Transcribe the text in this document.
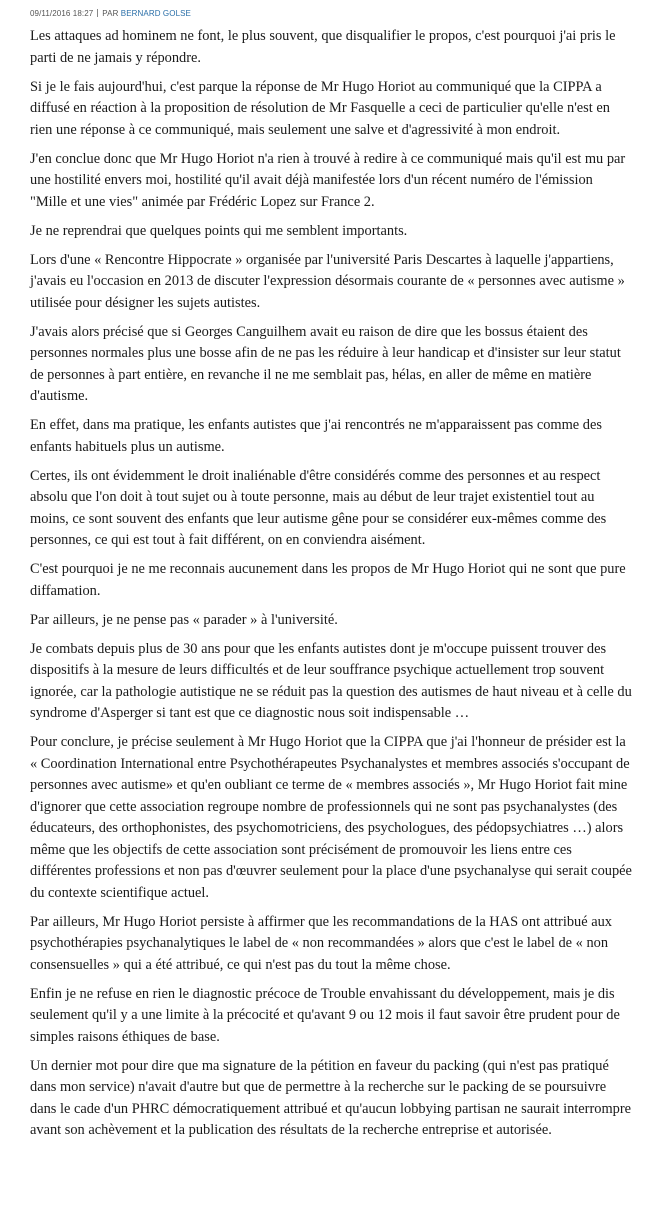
09/11/2016 18:27 PAR BERNARD GOLSE

Les attaques ad hominem ne font, le plus souvent, que disqualifier le propos, c'est pourquoi j'ai pris le parti de ne jamais y répondre.

Si je le fais aujourd'hui, c'est parque la réponse de Mr Hugo Horiot au communiqué que la CIPPA a diffusé en réaction à la proposition de résolution de Mr Fasquelle a ceci de particulier qu'elle n'est en rien une réponse à ce communiqué, mais seulement une salve et d'agressivité à mon endroit.

J'en conclue donc que Mr Hugo Horiot n'a rien à trouvé à redire à ce communiqué mais qu'il est mu par une hostilité envers moi, hostilité qu'il avait déjà manifestée lors d'un récent numéro de l'émission "Mille et une vies" animée par Frédéric Lopez sur France 2.

Je ne reprendrai que quelques points qui me semblent importants.

Lors d'une « Rencontre Hippocrate » organisée par l'université Paris Descartes à laquelle j'appartiens, j'avais eu l'occasion en 2013 de discuter l'expression désormais courante de « personnes avec autisme » utilisée pour désigner les sujets autistes.

J'avais alors précisé que si Georges Canguilhem avait eu raison de dire que les bossus étaient des personnes normales plus une bosse afin de ne pas les réduire à leur handicap et d'insister sur leur statut de personnes à part entière, en revanche il ne me semblait pas, hélas, en aller de même en matière d'autisme.

En effet, dans ma pratique, les enfants autistes que j'ai rencontrés ne m'apparaissent pas comme des enfants habituels plus un autisme.

Certes, ils ont évidemment le droit inaliénable d'être considérés comme des personnes et au respect absolu que l'on doit à tout sujet ou à toute personne, mais au début de leur trajet existentiel tout au moins, ce sont souvent des enfants que leur autisme gêne pour se considérer eux-mêmes comme des personnes, ce qui est tout à fait différent, on en conviendra aisément.

C'est pourquoi je ne me reconnais aucunement dans les propos de Mr Hugo Horiot qui ne sont que pure diffamation.

Par ailleurs, je ne pense pas « parader » à l'université.

Je combats depuis plus de 30 ans pour que les enfants autistes dont je m'occupe puissent trouver des dispositifs à la mesure de leurs difficultés et de leur souffrance psychique actuellement trop souvent ignorée, car la pathologie autistique ne se réduit pas la question des autismes de haut niveau et à celle du syndrome d'Asperger si tant est que ce diagnostic nous soit indispensable …

Pour conclure, je précise seulement à Mr Hugo Horiot que la CIPPA que j'ai l'honneur de présider est la « Coordination International entre Psychothérapeutes Psychanalystes et membres associés s'occupant de personnes avec autisme» et qu'en oubliant ce terme de « membres associés », Mr Hugo Horiot fait mine d'ignorer que cette association regroupe nombre de professionnels qui ne sont pas psychanalystes (des éducateurs, des orthophonistes, des psychomotriciens, des psychologues, des pédopsychiatres …) alors même que les objectifs de cette association sont précisément de promouvoir les liens entre ces différentes professions et non pas d'œuvrer seulement pour la place d'une psychanalyse qui serait coupée du contexte scientifique actuel.

Par ailleurs, Mr Hugo Horiot persiste à affirmer que les recommandations de la HAS ont attribué aux psychothérapies psychanalytiques le label de « non recommandées » alors que c'est le label de « non consensuelles » qui a été attribué, ce qui n'est pas du tout la même chose.

Enfin je ne refuse en rien le diagnostic précoce de Trouble envahissant du développement, mais je dis seulement qu'il y a une limite à la précocité et qu'avant 9 ou 12 mois il faut savoir être prudent pour de simples raisons éthiques de base.

Un dernier mot pour dire que ma signature de la pétition en faveur du packing (qui n'est pas pratiqué dans mon service) n'avait d'autre but que de permettre à la recherche sur le packing de se poursuivre dans le cade d'un PHRC démocratiquement attribué et qu'aucun lobbying partisan ne saurait interrompre avant son achèvement et la publication des résultats de la recherche entreprise et autorisée.
